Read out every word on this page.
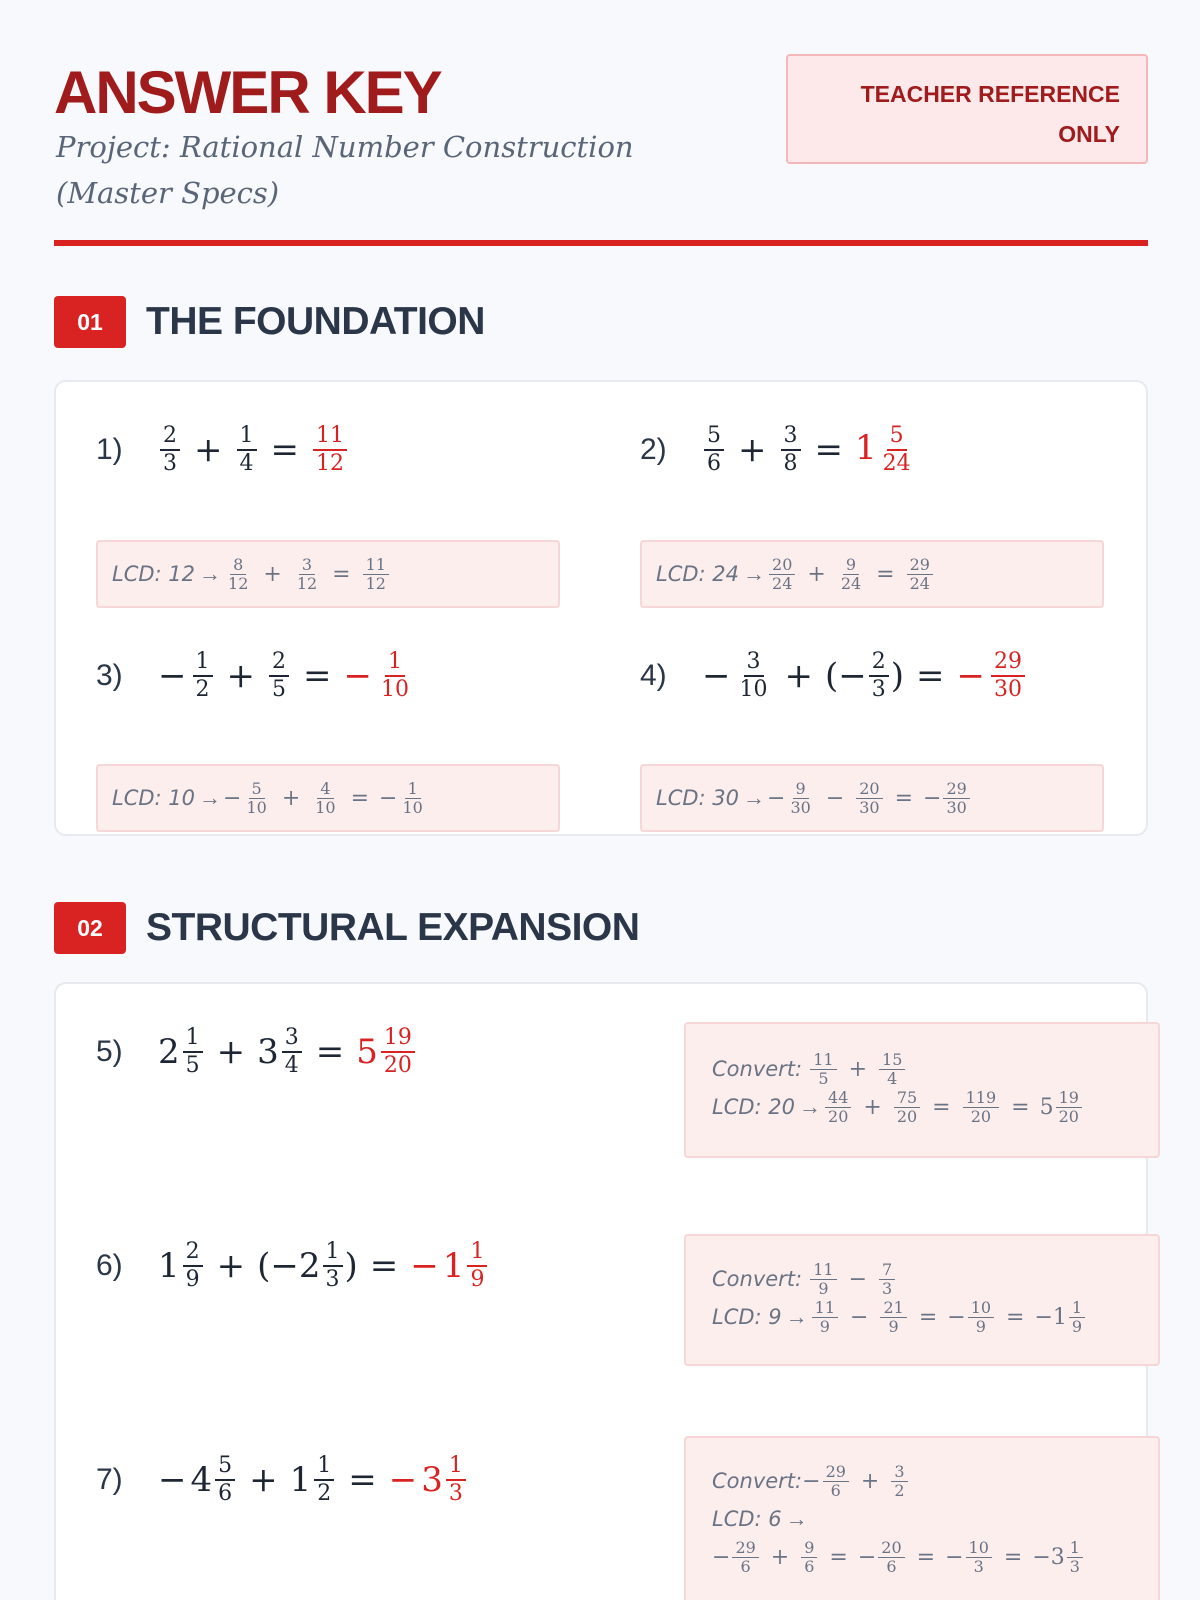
ANSWER KEY
Project: Rational Number Construction (Master Specs)
TEACHER REFERENCE
ONLY
01	THE FOUNDATION
$1) \frac{2}{3} + \frac{1}{4} = \frac{11}{12}$
LCD: $12 \to \frac{8}{12} + \frac{3}{12} = \frac{11}{12}$
$2) \frac{5}{6} + \frac{3}{8} = 1 \frac{5}{24}$
LCD: $24 \to \frac{20}{24} + \frac{9}{24} = \frac{29}{24}$
$3) - \frac{1}{2} + \frac{2}{5}$ = − $\frac{1}{10}$
LCD: 10 → − $\frac{5}{10} + \frac{4}{10}$ = − $\frac{1}{10}$
$4) - \frac{3}{10}$ + (− $\frac{2}{3}$ ) = − $\frac{29}{30}$
LCD: 30 → − $\frac{9}{30} - \frac{20}{30}$ = − $\frac{29}{30}$
02	STRUCTURAL EXPANSION
5) $2 \frac{1}{5} + 3 \frac{3}{4} = 5 \frac{19}{20}$	Convert:
$\frac{11}{5} + \frac{15}{4}$
LCD: $20 \to \frac{44}{20} + \frac{75}{20} = \frac{119}{20} = 5 \frac{19}{20}$
6) $1 \frac{2}{9} + (-2 \frac{1}{3}$ ) = − $1 \frac{1}{9}$	Convert:
$\frac{11}{9} - \frac{7}{3}$
LCD: $9 \to \frac{11}{9} - \frac{21}{9}$ = − $\frac{10}{9} = -1 \frac{1}{9}$
$7) - 4 \frac{5}{6} + 1 \frac{1}{2}$ = − $3 \frac{1}{3}$	Convert: − $\frac{29}{6} + \frac{3}{2}$
LCD: 6 →
− $\frac{29}{6} + \frac{9}{6}$ = − $\frac{20}{6}$ = − $\frac{10}{3} = -3 \frac{1}{3}$
